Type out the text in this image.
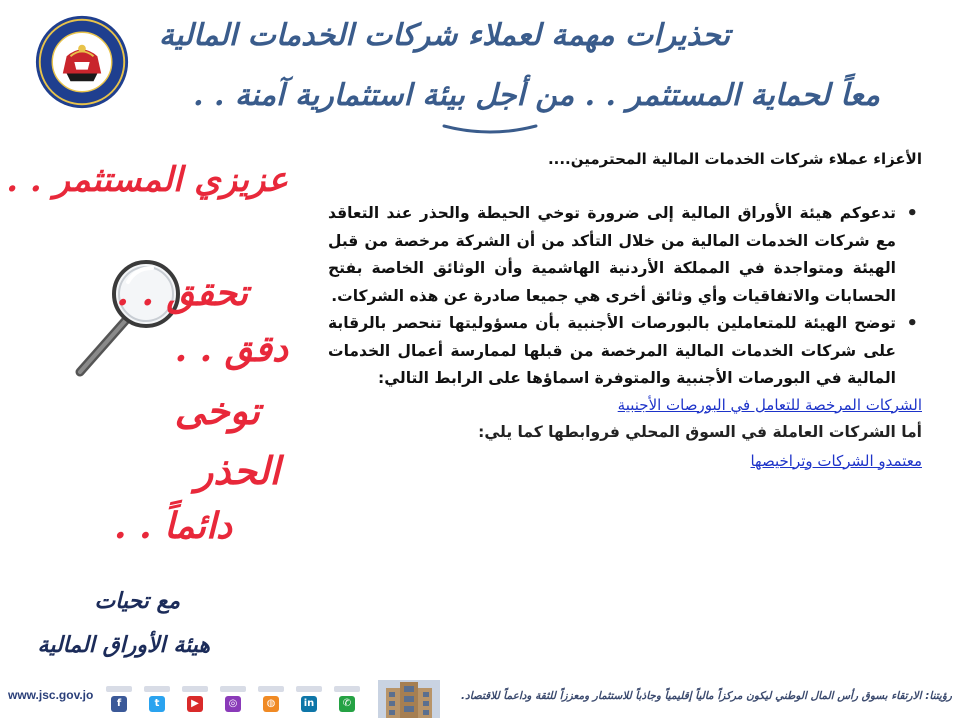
تحذيرات مهمة لعملاء شركات الخدمات المالية
معاً لحماية المستثمر . . من أجل بيئة استثمارية آمنة . .
عزيزي المستثمر . .
تحقق . .
دقق . .
توخى
الحذر
دائماً . .
مع تحيات
هيئة الأوراق المالية

الأعزاء عملاء شركات الخدمات المالية المحترمين....

• تدعوكم هيئة الأوراق المالية إلى ضرورة توخي الحيطة والحذر عند التعاقد مع شركات الخدمات المالية من خلال التأكد من أن الشركة مرخصة من قبل الهيئة ومتواجدة في المملكة الأردنية الهاشمية وأن الوثائق الخاصة بفتح الحسابات والاتفاقيات وأي وثائق أخرى هي جميعا صادرة عن هذه الشركات.

• توضح الهيئة للمتعاملين بالبورصات الأجنبية بأن مسؤوليتها تنحصر بالرقابة على شركات الخدمات المالية المرخصة من قبلها لممارسة أعمال الخدمات المالية في البورصات الأجنبية والمتوفرة اسماؤها على الرابط التالي:

الشركات المرخصة للتعامل في البورصات الأجنبية

أما الشركات العاملة في السوق المحلي فروابطها كما يلي:

معتمدو الشركات وتراخيصها
www.jsc.gov.jo
f	t	▶	◎	◍	in	✆
رؤيتنا: الارتقاء بسوق رأس المال الوطني ليكون مركزاً مالياً إقليمياً وجاذباً للاستثمار ومعززاً للثقة وداعماً للاقتصاد.
